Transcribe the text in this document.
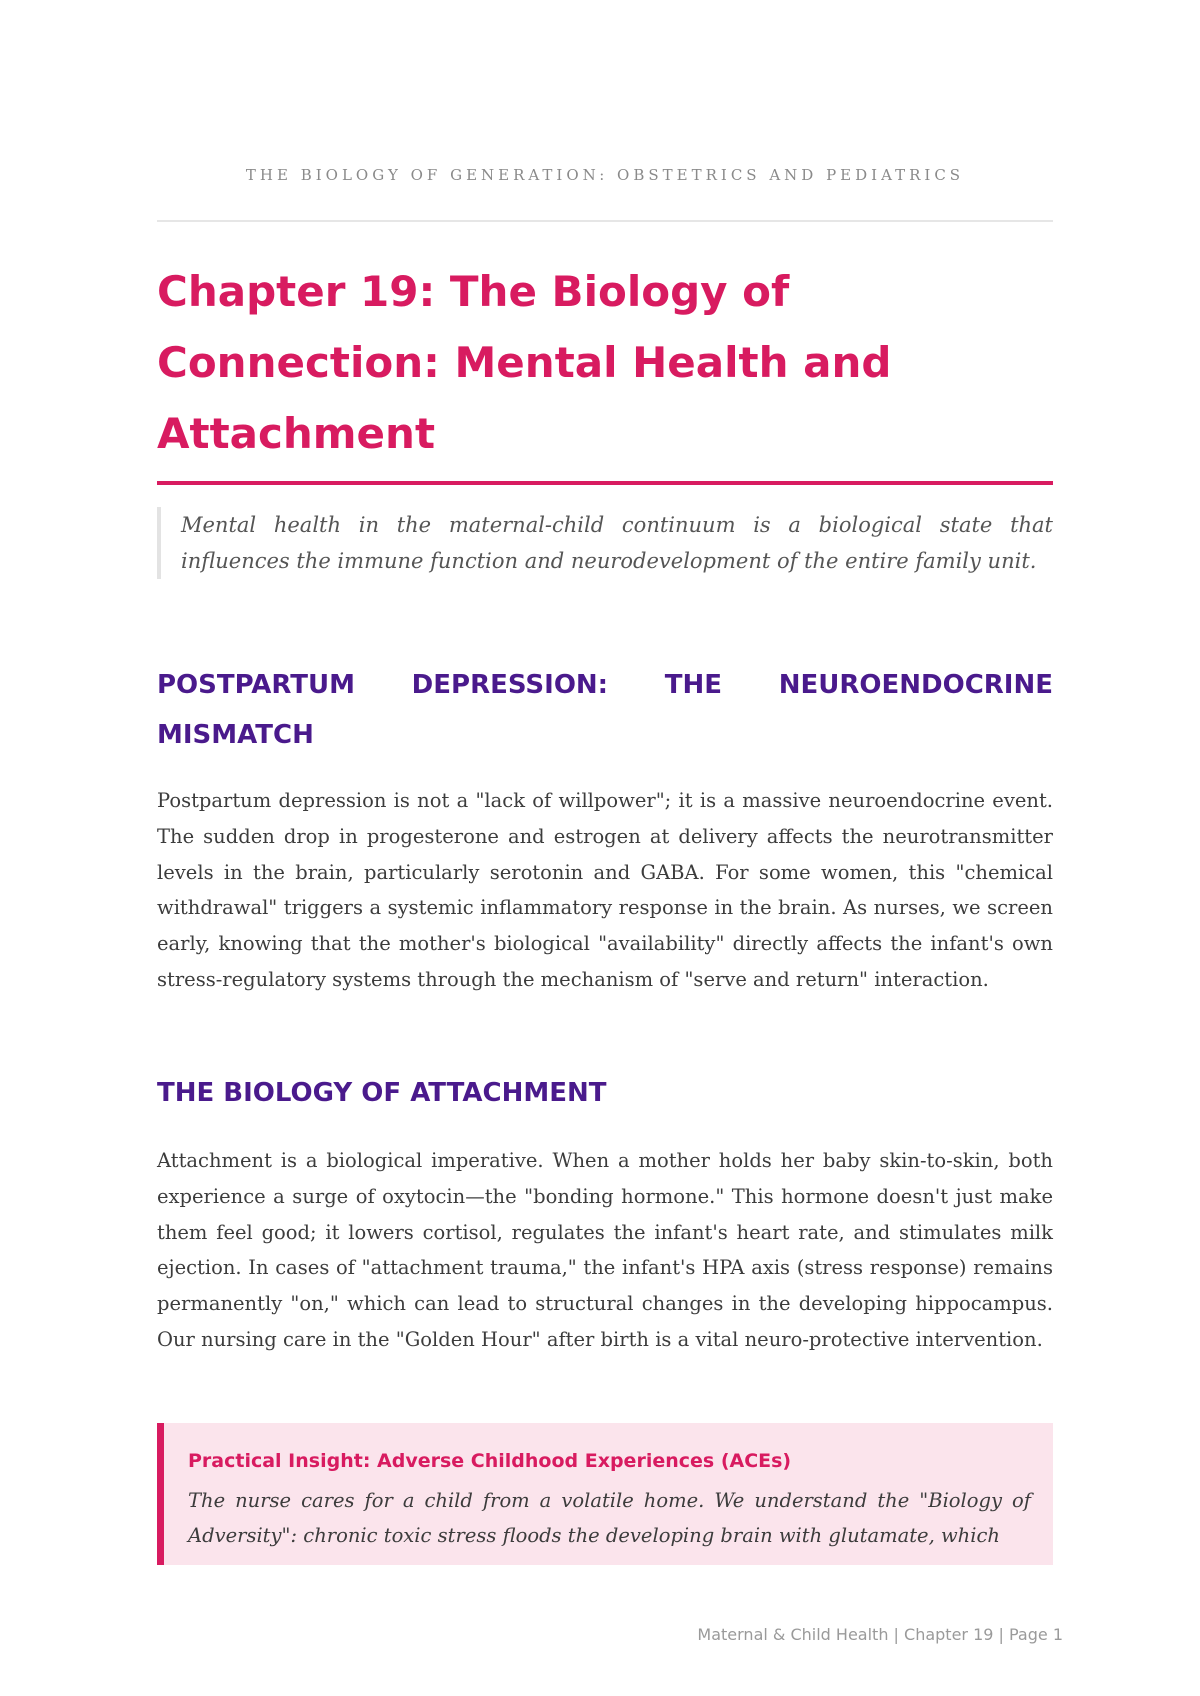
THE BIOLOGY OF GENERATION: OBSTETRICS AND PEDIATRICS
Chapter 19: The Biology of Connection: Mental Health and Attachment

Mental health in the maternal-child continuum is a biological state that influences the immune function and neurodevelopment of the entire family unit.

POSTPARTUM DEPRESSION: THE NEUROENDOCRINE MISMATCH

Postpartum depression is not a "lack of willpower"; it is a massive neuroendocrine event. The sudden drop in progesterone and estrogen at delivery affects the neurotransmitter levels in the brain, particularly serotonin and GABA. For some women, this "chemical withdrawal" triggers a systemic inflammatory response in the brain. As nurses, we screen early, knowing that the mother's biological "availability" directly affects the infant's own stress-regulatory systems through the mechanism of "serve and return" interaction.

THE BIOLOGY OF ATTACHMENT

Attachment is a biological imperative. When a mother holds her baby skin-to-skin, both experience a surge of oxytocin—the "bonding hormone." This hormone doesn't just make them feel good; it lowers cortisol, regulates the infant's heart rate, and stimulates milk ejection. In cases of "attachment trauma," the infant's HPA axis (stress response) remains permanently "on," which can lead to structural changes in the developing hippocampus. Our nursing care in the "Golden Hour" after birth is a vital neuro-protective intervention.

Practical Insight: Adverse Childhood Experiences (ACEs)

The nurse cares for a child from a volatile home. We understand the "Biology of Adversity": chronic toxic stress floods the developing brain with glutamate, which

Maternal & Child Health | Chapter 19 | Page 1
